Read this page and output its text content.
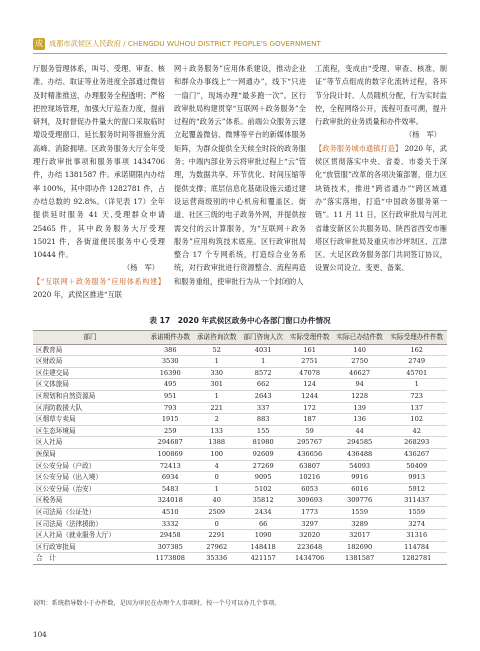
成 成都市武侯区人民政府 / CHENGDU WUHOU DISTRICT PEOPLE'S GOVERNMENT

厅服务管理体系，叫号、受理、审查、核准、办结、取证等业务进度全部通过微信及时精准推送，办理服务全程透明；严格把控现场管理，加强大厅巡查力度，提前研判，及时督促办件量大的窗口采取临时增设受理窗口、延长服务时间等措施分流高峰、消除拥堵。区政务服务大厅全年受理行政审批事项和服务事项 1434706 件，办结 1381587 件。承诺期限内办结率 100%，其中即办件 1282781 件，占办结总数的 92.8%。（详见表 17）全年提供延时服务 41 天,受理群众申请 25465 件，其中政务服务大厅受理 15021 件，各街道便民服务中心受理 10444 件。

（杨　军）

【“互联网＋政务服务”应用体系构建】 2020 年，武侯区推进“互联

网＋政务服务”应用体系建设，推动企业和群众办事线上“一网通办”，线下“只进一扇门”，现场办理“最多跑一次”。区行政审批局构建贯穿“互联网＋政务服务”全过程的“政务云”体系。前端公众服务云建立起覆盖微信、微博等平台的新媒体服务矩阵，为群众提供全天候全时段的政务服务；中端内部业务云将审批过程上“云”管理，为数据共享、环节优化、时间压缩等提供支撑；底层信息化基础设施云通过建设运营商级别的中心机房和覆盖区、街道、社区三级的电子政务外网，并提供按需交付的云计算服务，为“互联网＋政务服务”应用构筑技术底座。区行政审批局整合 17 个专网系统，打造综合业务系统，对行政审批进行资源整合、流程再造和服务重组，使审批行为从一个封闭的人

工流程，变成由“受理、审查、核准、制证”等节点组成的数字化流转过程，各环节分段计时、人员随机分配，行为实时监控，全程网络公开，流程可查可溯，提升行政审批的业务质量和办件效率。

（杨　军）

【政务服务城市通镇打造】 2020 年，武侯区贯彻落实中央、省委、市委关于深化“放管服”改革的各项决策部署，借力区块链技术，推进“跨省通办”“跨区域通办”落实落地，打造“中国政务服务第一链”。11 月 11 日，区行政审批局与河北省雄安新区公共服务局、陕西省西安市雁塔区行政审批局及重庆市沙坪坝区、江津区、大足区政务服务部门共同签订协议，设置公司设立、变更、备案、

表 17　2020 年武侯区政务中心各部门窗口办件情况
部门	承诺期件办数	承诺咨询次数	部门咨询人次	实际受理件数	实际已办结件数	实际受理办件件数
区教育局	386	52	4031	161	140	162
区财政局	3530	1	1	2751	2750	2749
区住建交局	16390	330	8572	47078	46627	45701
区文体旅局	495	301	662	124	94	1
区规划和自然资源局	951	1	2643	1244	1228	723
区消防救援大队	793	221	337	172	139	137
区烟草专卖局	1915	2	883	187	136	102
区生态环境局	259	133	155	59	44	42
区人社局	294687	1388	81980	295767	294585	268293
医保局	100869	100	92609	436656	436488	436267
区公安分局（户政）	72413	4	27269	63807	54093	50409
区公安分局（出入境）	6934	0	9095	10216	9916	9913
区公安分局（治安）	5483	1	5102	6053	6016	5912
区税务局	324018	40	35812	309693	309776	311437
区司法局（公证处）	4510	2509	2434	1773	1559	1559
区司法局（法律援助）	3332	0	66	3297	3289	3274
区人社局（就业服务大厅）	29458	2291	1090	32020	32017	31316
区行政审批局	307385	27962	148418	223648	182690	114784
合　计	1173808	35336	421157	1434706	1381587	1282781
说明：系统指导数小于办件数，是因为审民在办理个人事项时，按一个号可以办几个事项。
104
